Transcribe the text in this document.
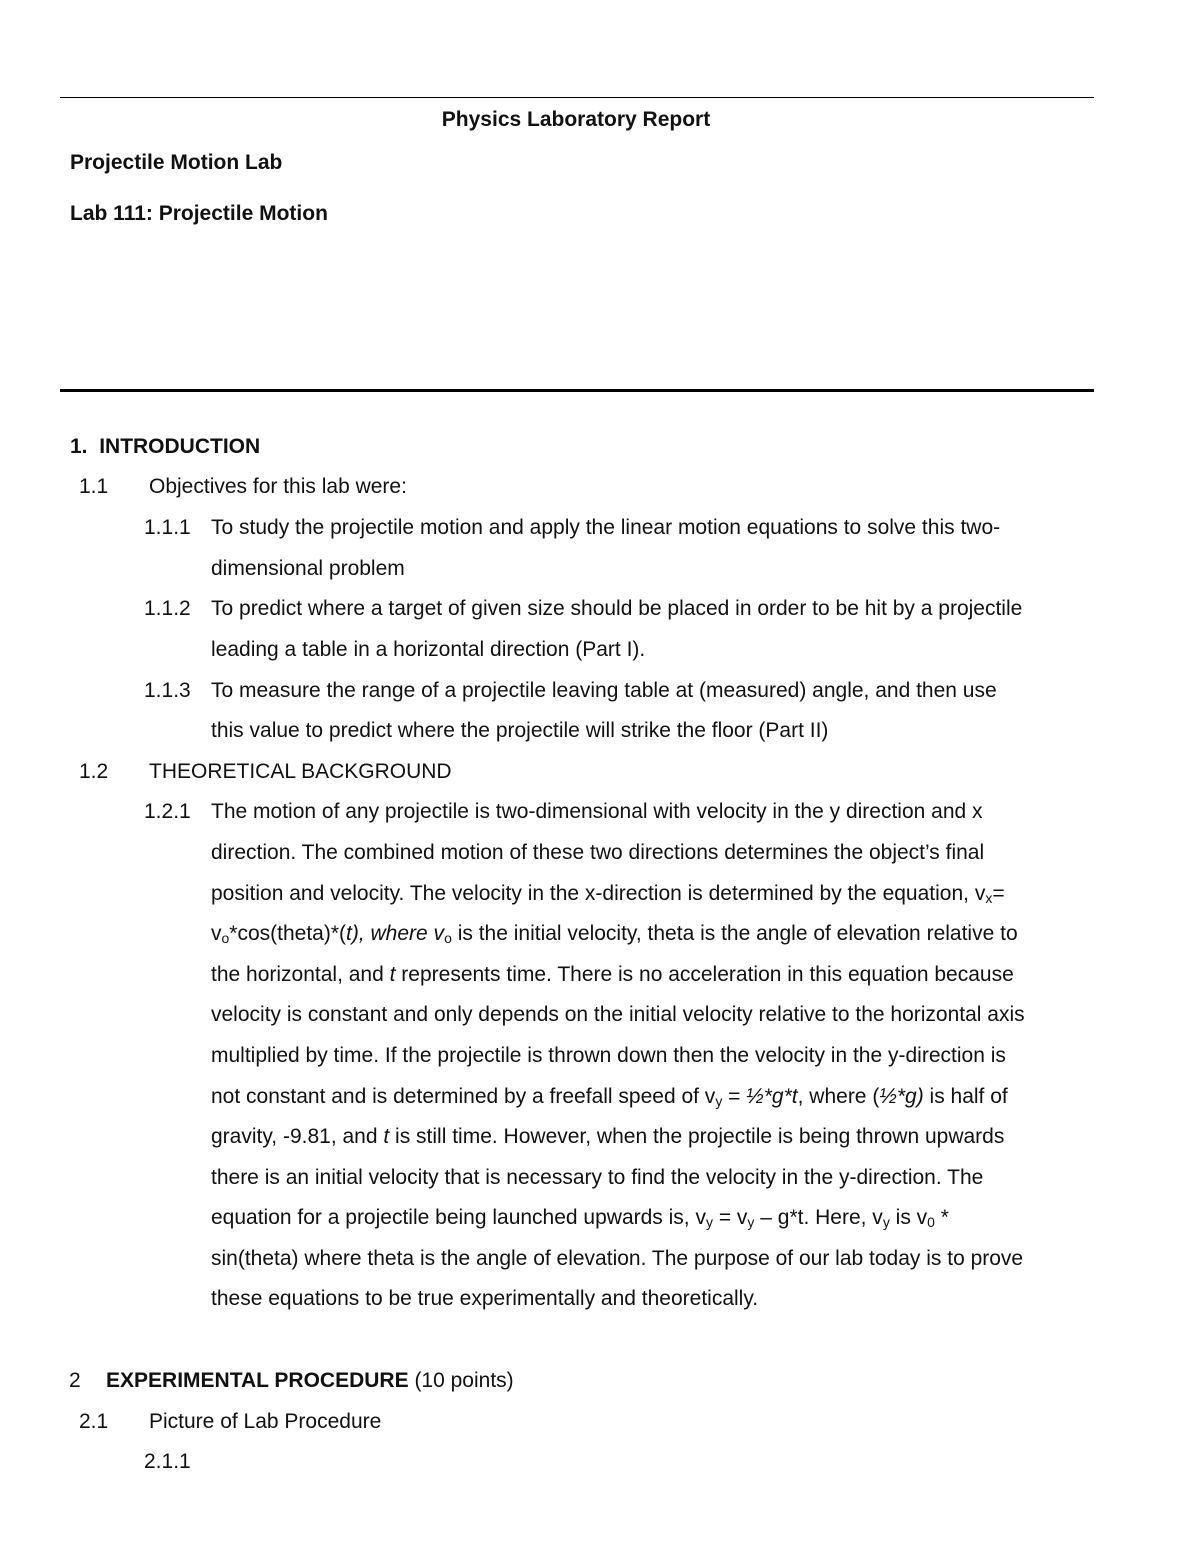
Physics Laboratory Report

Projectile Motion Lab

Lab 111: Projectile Motion

1. INTRODUCTION

1.1 Objectives for this lab were:

1.1.1 To study the projectile motion and apply the linear motion equations to solve this two-

dimensional problem

1.1.2 To predict where a target of given size should be placed in order to be hit by a projectile

leading a table in a horizontal direction (Part I).

1.1.3 To measure the range of a projectile leaving table at (measured) angle, and then use

this value to predict where the projectile will strike the floor (Part II)

1.2 THEORETICAL BACKGROUND

1.2.1 The motion of any projectile is two-dimensional with velocity in the y direction and x

direction. The combined motion of these two directions determines the object’s final

position and velocity. The velocity in the x-direction is determined by the equation, $v_x=$

$v_o*\cos(theta)*(t)$, where $v_o$ is the initial velocity, theta is the angle of elevation relative to

the horizontal, and t represents time. There is no acceleration in this equation because

velocity is constant and only depends on the initial velocity relative to the horizontal axis

multiplied by time. If the projectile is thrown down then the velocity in the y-direction is

not constant and is determined by a freefall speed of $v_y$ = ½*g*t, where (½*g) is half of

gravity, -9.81, and t is still time. However, when the projectile is being thrown upwards

there is an initial velocity that is necessary to find the velocity in the y-direction. The

equation for a projectile being launched upwards is, $v_y = v_y - g*t$. Here, $v_y$ is $v_0$ *

sin(theta) where theta is the angle of elevation. The purpose of our lab today is to prove

these equations to be true experimentally and theoretically.

2 EXPERIMENTAL PROCEDURE (10 points)

2.1 Picture of Lab Procedure

2.1.1
